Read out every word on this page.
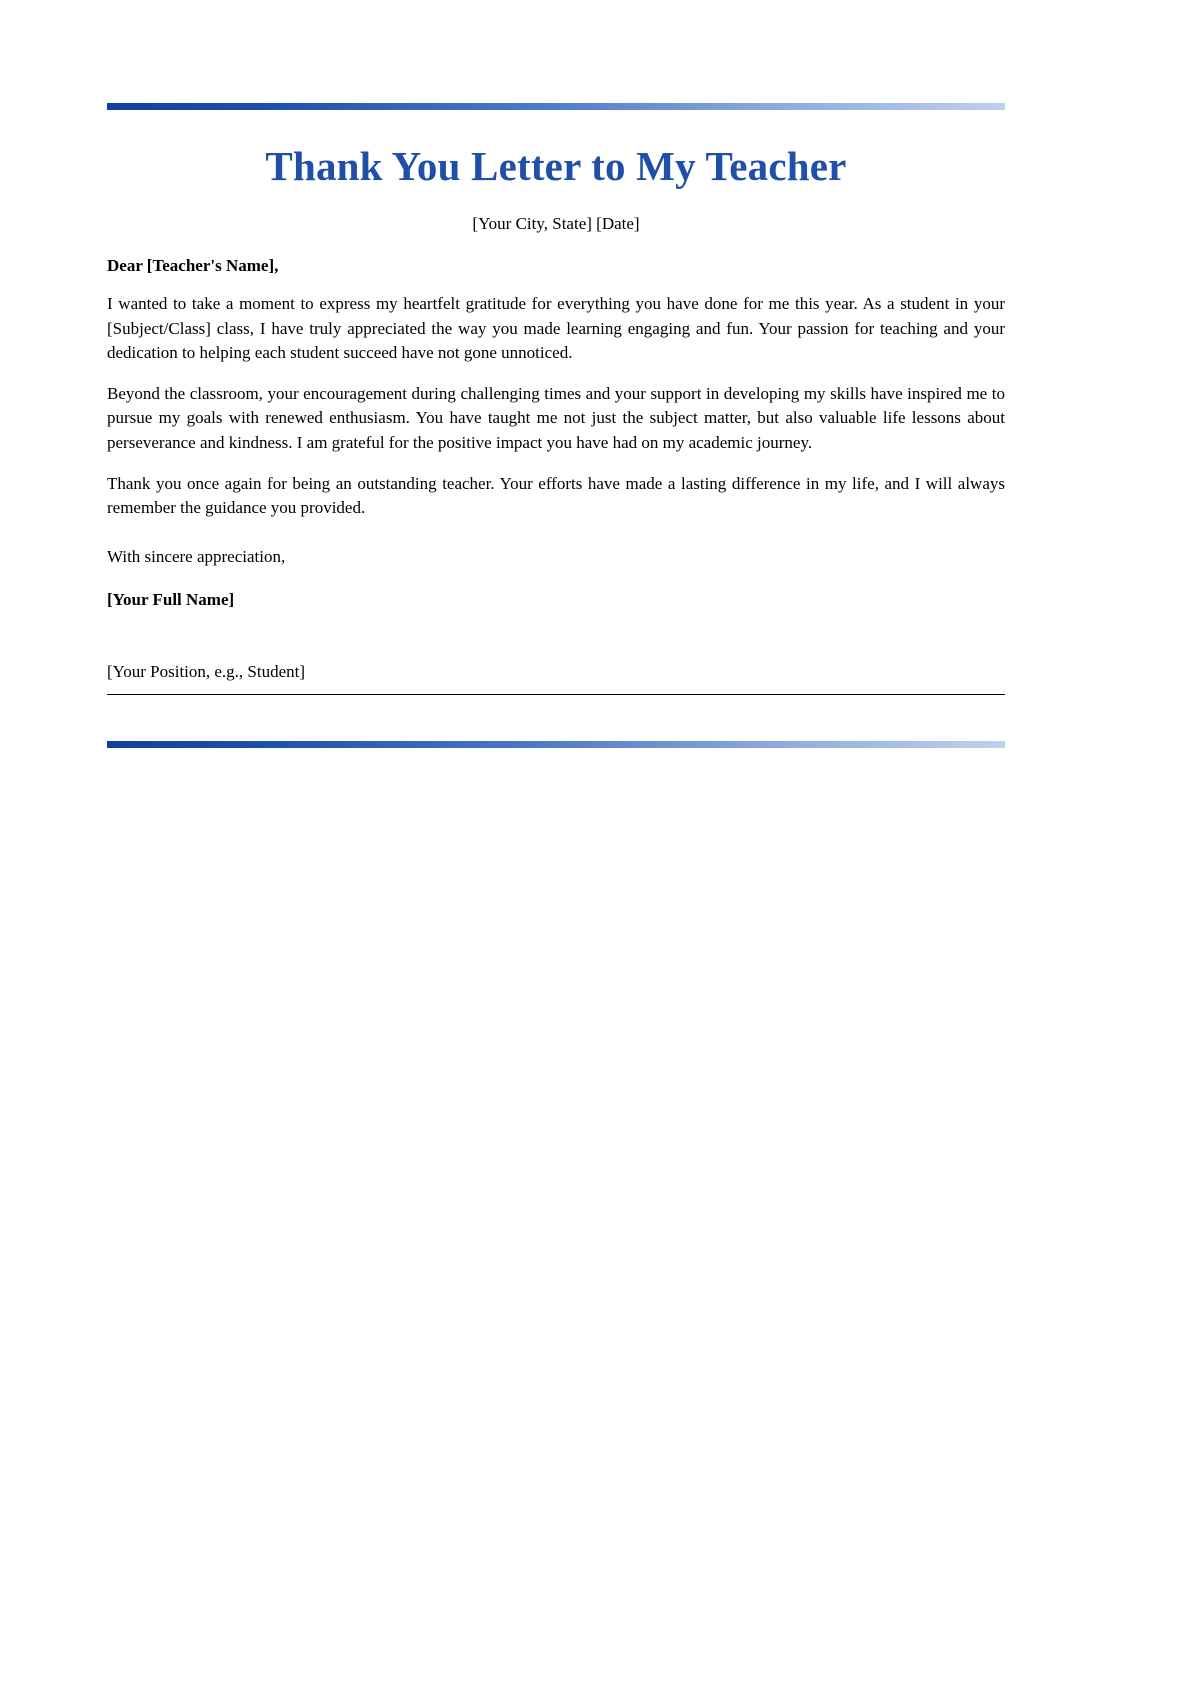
Thank You Letter to My Teacher
[Your City, State] [Date]
Dear [Teacher's Name],

I wanted to take a moment to express my heartfelt gratitude for everything you have done for me this year. As a student in your [Subject/Class] class, I have truly appreciated the way you made learning engaging and fun. Your passion for teaching and your dedication to helping each student succeed have not gone unnoticed.

Beyond the classroom, your encouragement during challenging times and your support in developing my skills have inspired me to pursue my goals with renewed enthusiasm. You have taught me not just the subject matter, but also valuable life lessons about perseverance and kindness. I am grateful for the positive impact you have had on my academic journey.

Thank you once again for being an outstanding teacher. Your efforts have made a lasting difference in my life, and I will always remember the guidance you provided.

With sincere appreciation,
[Your Full Name]
[Your Position, e.g., Student]
